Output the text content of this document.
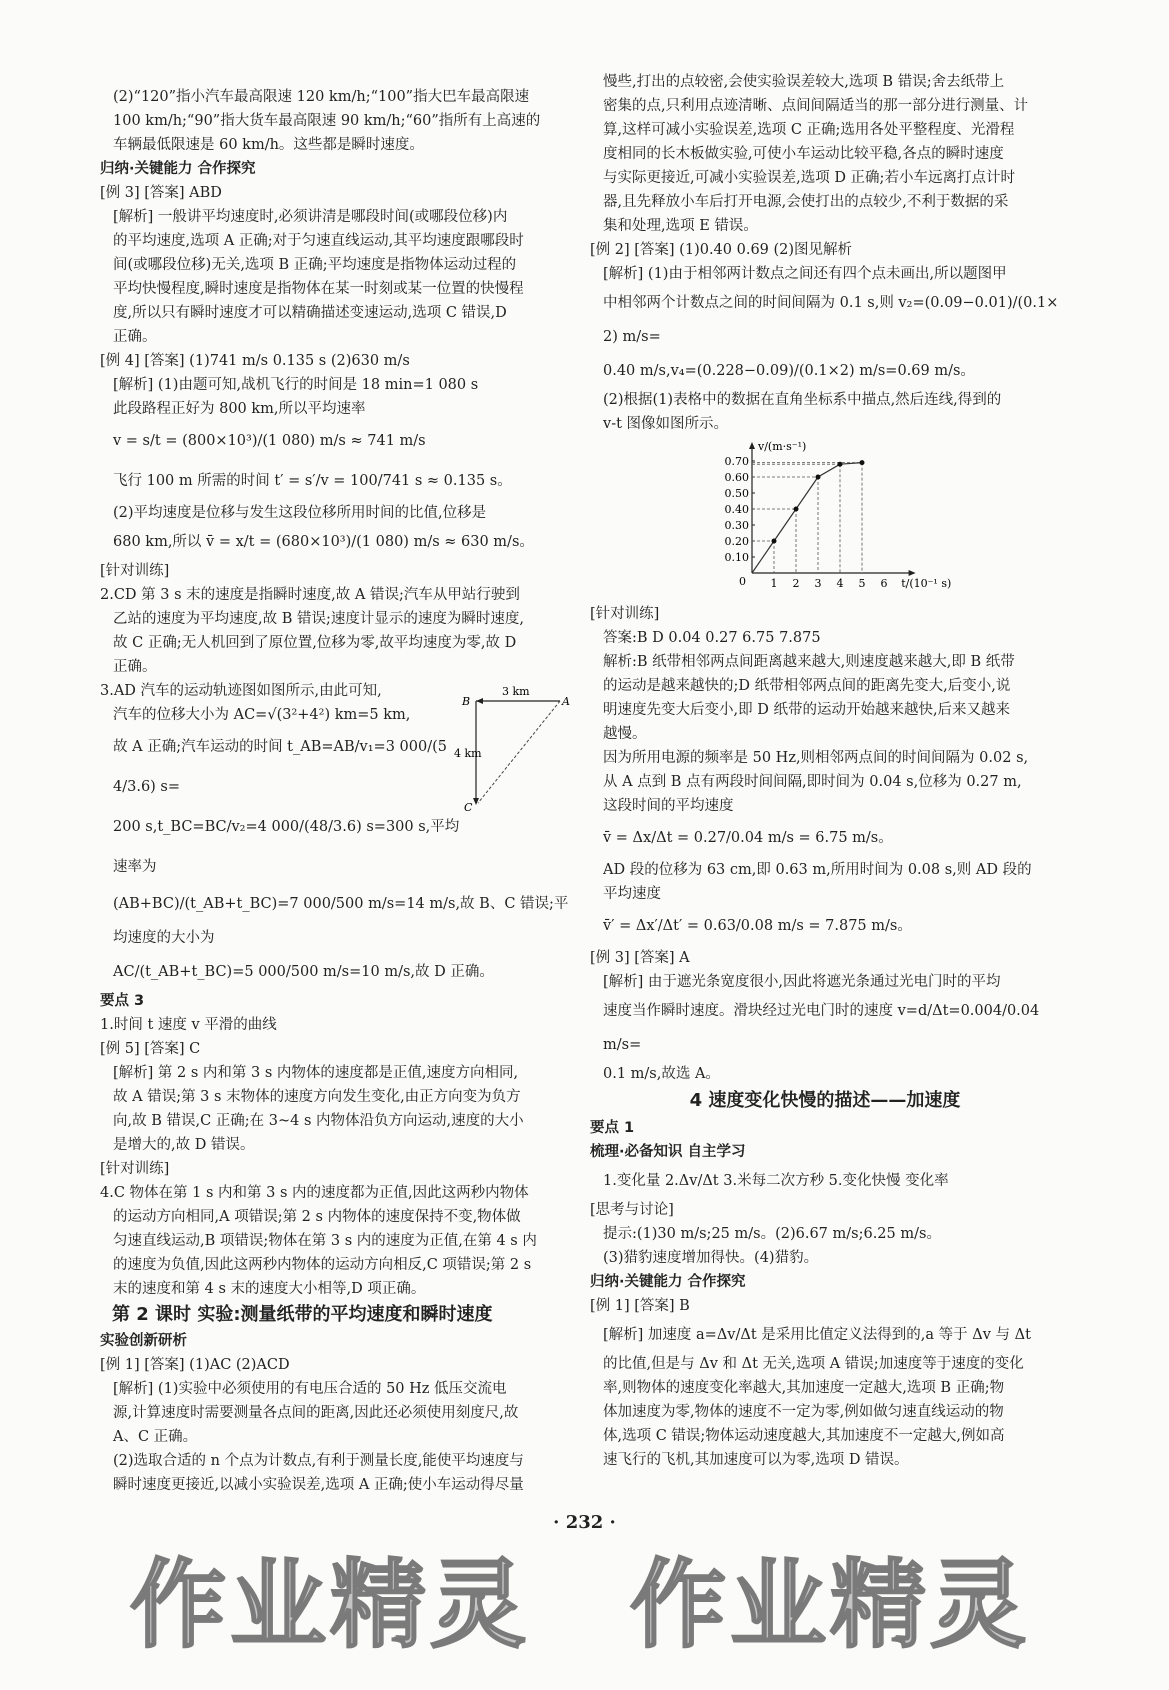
(2)“120”指小汽车最高限速 120 km/h;“100”指大巴车最高限速
100 km/h;“90”指大货车最高限速 90 km/h;“60”指所有上高速的
车辆最低限速是 60 km/h。这些都是瞬时速度。
归纳·关键能力 合作探究
[例 3] [答案] ABD
[解析] 一般讲平均速度时,必须讲清是哪段时间(或哪段位移)内
的平均速度,选项 A 正确;对于匀速直线运动,其平均速度跟哪段时
间(或哪段位移)无关,选项 B 正确;平均速度是指物体运动过程的
平均快慢程度,瞬时速度是指物体在某一时刻或某一位置的快慢程
度,所以只有瞬时速度才可以精确描述变速运动,选项 C 错误,D
正确。
[例 4] [答案] (1)741 m/s 0.135 s (2)630 m/s
[解析] (1)由题可知,战机飞行的时间是 18 min=1 080 s
此段路程正好为 800 km,所以平均速率
v = s/t = (800×10³)/(1 080) m/s ≈ 741 m/s
飞行 100 m 所需的时间 t′ = s′/v = 100/741 s ≈ 0.135 s。
(2)平均速度是位移与发生这段位移所用时间的比值,位移是
680 km,所以 v̄ = x/t = (680×10³)/(1 080) m/s ≈ 630 m/s。
[针对训练]
2.CD 第 3 s 末的速度是指瞬时速度,故 A 错误;汽车从甲站行驶到
乙站的速度为平均速度,故 B 错误;速度计显示的速度为瞬时速度,
故 C 正确;无人机回到了原位置,位移为零,故平均速度为零,故 D
正确。
B	A
C
3 km
4 km
3.AD 汽车的运动轨迹图如图所示,由此可知,
汽车的位移大小为 AC=√(3²+4²) km=5 km,
故 A 正确;汽车运动的时间 t_AB=AB/v₁=3 000/(54/3.6) s=
200 s,t_BC=BC/v₂=4 000/(48/3.6) s=300 s,平均速率为
(AB+BC)/(t_AB+t_BC)=7 000/500 m/s=14 m/s,故 B、C 错误;平均速度的大小为
AC/(t_AB+t_BC)=5 000/500 m/s=10 m/s,故 D 正确。
要点 3
1.时间 t 速度 v 平滑的曲线
[例 5] [答案] C
[解析] 第 2 s 内和第 3 s 内物体的速度都是正值,速度方向相同,
故 A 错误;第 3 s 末物体的速度方向发生变化,由正方向变为负方
向,故 B 错误,C 正确;在 3~4 s 内物体沿负方向运动,速度的大小
是增大的,故 D 错误。
[针对训练]
4.C 物体在第 1 s 内和第 3 s 内的速度都为正值,因此这两秒内物体
的运动方向相同,A 项错误;第 2 s 内物体的速度保持不变,物体做
匀速直线运动,B 项错误;物体在第 3 s 内的速度为正值,在第 4 s 内
的速度为负值,因此这两秒内物体的运动方向相反,C 项错误;第 2 s
末的速度和第 4 s 末的速度大小相等,D 项正确。
第 2 课时 实验:测量纸带的平均速度和瞬时速度
实验创新研析
[例 1] [答案] (1)AC (2)ACD
[解析] (1)实验中必须使用的有电压合适的 50 Hz 低压交流电
源,计算速度时需要测量各点间的距离,因此还必须使用刻度尺,故
A、C 正确。
(2)选取合适的 n 个点为计数点,有利于测量长度,能使平均速度与
瞬时速度更接近,以减小实验误差,选项 A 正确;使小车运动得尽量
慢些,打出的点较密,会使实验误差较大,选项 B 错误;舍去纸带上
密集的点,只利用点迹清晰、点间间隔适当的那一部分进行测量、计
算,这样可减小实验误差,选项 C 正确;选用各处平整程度、光滑程
度相同的长木板做实验,可使小车运动比较平稳,各点的瞬时速度
与实际更接近,可减小实验误差,选项 D 正确;若小车远离打点计时
器,且先释放小车后打开电源,会使打出的点较少,不利于数据的采
集和处理,选项 E 错误。
[例 2] [答案] (1)0.40 0.69 (2)图见解析
[解析] (1)由于相邻两计数点之间还有四个点未画出,所以题图甲
中相邻两个计数点之间的时间间隔为 0.1 s,则 v₂=(0.09−0.01)/(0.1×2) m/s=
0.40 m/s,v₄=(0.228−0.09)/(0.1×2) m/s=0.69 m/s。
(2)根据(1)表格中的数据在直角坐标系中描点,然后连线,得到的
v-t 图像如图所示。
v/(m·s⁻¹)
t/(10⁻¹ s)
0
0.10
0.20
0.30
0.40
0.50
0.60
0.70
1 2 3 4 5 6
[针对训练]
答案:B D 0.04 0.27 6.75 7.875
解析:B 纸带相邻两点间距离越来越大,则速度越来越大,即 B 纸带
的运动是越来越快的;D 纸带相邻两点间的距离先变大,后变小,说
明速度先变大后变小,即 D 纸带的运动开始越来越快,后来又越来
越慢。
因为所用电源的频率是 50 Hz,则相邻两点间的时间间隔为 0.02 s,
从 A 点到 B 点有两段时间间隔,即时间为 0.04 s,位移为 0.27 m,
这段时间的平均速度
v̄ = Δx/Δt = 0.27/0.04 m/s = 6.75 m/s。
AD 段的位移为 63 cm,即 0.63 m,所用时间为 0.08 s,则 AD 段的
平均速度
v̄′ = Δx′/Δt′ = 0.63/0.08 m/s = 7.875 m/s。
[例 3] [答案] A
[解析] 由于遮光条宽度很小,因此将遮光条通过光电门时的平均
速度当作瞬时速度。滑块经过光电门时的速度 v=d/Δt=0.004/0.04 m/s=
0.1 m/s,故选 A。
4 速度变化快慢的描述——加速度
要点 1
梳理·必备知识 自主学习
1.变化量 2.Δv/Δt 3.米每二次方秒 5.变化快慢 变化率
[思考与讨论]
提示:(1)30 m/s;25 m/s。(2)6.67 m/s;6.25 m/s。
(3)猎豹速度增加得快。(4)猎豹。
归纳·关键能力 合作探究
[例 1] [答案] B
[解析] 加速度 a=Δv/Δt 是采用比值定义法得到的,a 等于 Δv 与 Δt
的比值,但是与 Δv 和 Δt 无关,选项 A 错误;加速度等于速度的变化
率,则物体的速度变化率越大,其加速度一定越大,选项 B 正确;物
体加速度为零,物体的速度不一定为零,例如做匀速直线运动的物
体,选项 C 错误;物体运动速度越大,其加速度不一定越大,例如高
速飞行的飞机,其加速度可以为零,选项 D 错误。
· 232 ·
作业精灵 作业精灵
